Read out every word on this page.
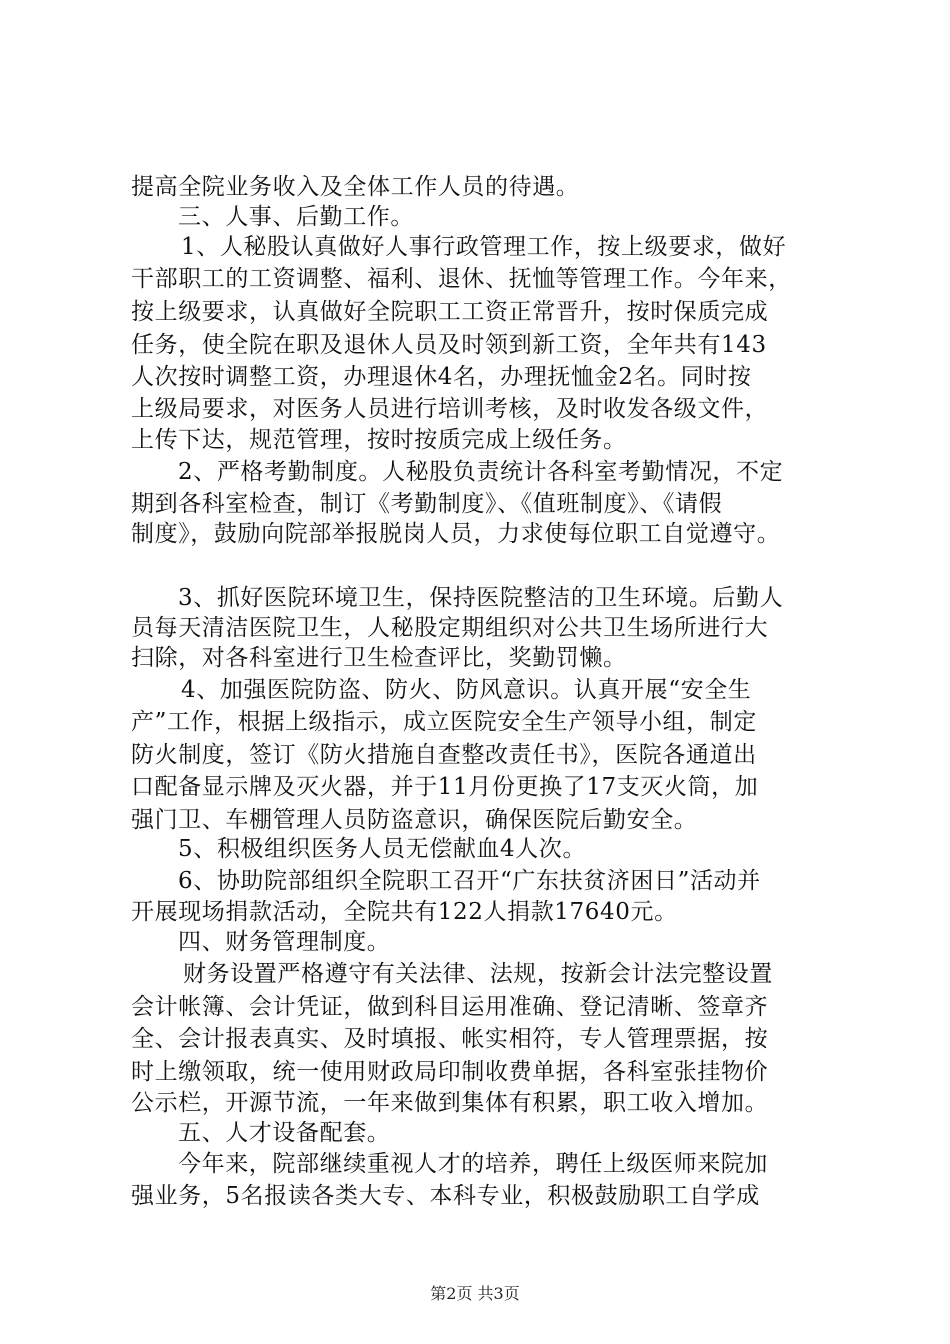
提高全院业务收入及全体工作人员的待遇。
三、人事、后勤工作。
1、人秘股认真做好人事行政管理工作，按上级要求，做好
干部职工的工资调整、福利、退休、抚恤等管理工作。今年来，
按上级要求，认真做好全院职工工资正常晋升，按时保质完成
任务，使全院在职及退休人员及时领到新工资，全年共有143
人次按时调整工资，办理退休4名，办理抚恤金2名。同时按
上级局要求，对医务人员进行培训考核，及时收发各级文件，
上传下达，规范管理，按时按质完成上级任务。
2、严格考勤制度。人秘股负责统计各科室考勤情况，不定
期到各科室检查，制订《考勤制度》、《值班制度》、《请假
制度》，鼓励向院部举报脱岗人员，力求使每位职工自觉遵守。
3、抓好医院环境卫生，保持医院整洁的卫生环境。后勤人
员每天清洁医院卫生，人秘股定期组织对公共卫生场所进行大
扫除，对各科室进行卫生检查评比，奖勤罚懒。
4、加强医院防盗、防火、防风意识。认真开展“安全生
产”工作，根据上级指示，成立医院安全生产领导小组，制定
防火制度，签订《防火措施自查整改责任书》，医院各通道出
口配备显示牌及灭火器，并于11月份更换了17支灭火筒，加
强门卫、车棚管理人员防盗意识，确保医院后勤安全。
5、积极组织医务人员无偿献血4人次。
6、协助院部组织全院职工召开“广东扶贫济困日”活动并
开展现场捐款活动，全院共有122人捐款17640元。
四、财务管理制度。
财务设置严格遵守有关法律、法规，按新会计法完整设置
会计帐簿、会计凭证，做到科目运用准确、登记清晰、签章齐
全、会计报表真实、及时填报、帐实相符，专人管理票据，按
时上缴领取，统一使用财政局印制收费单据，各科室张挂物价
公示栏，开源节流，一年来做到集体有积累，职工收入增加。
五、人才设备配套。
今年来，院部继续重视人才的培养，聘任上级医师来院加
强业务，5名报读各类大专、本科专业，积极鼓励职工自学成
第2页 共3页
